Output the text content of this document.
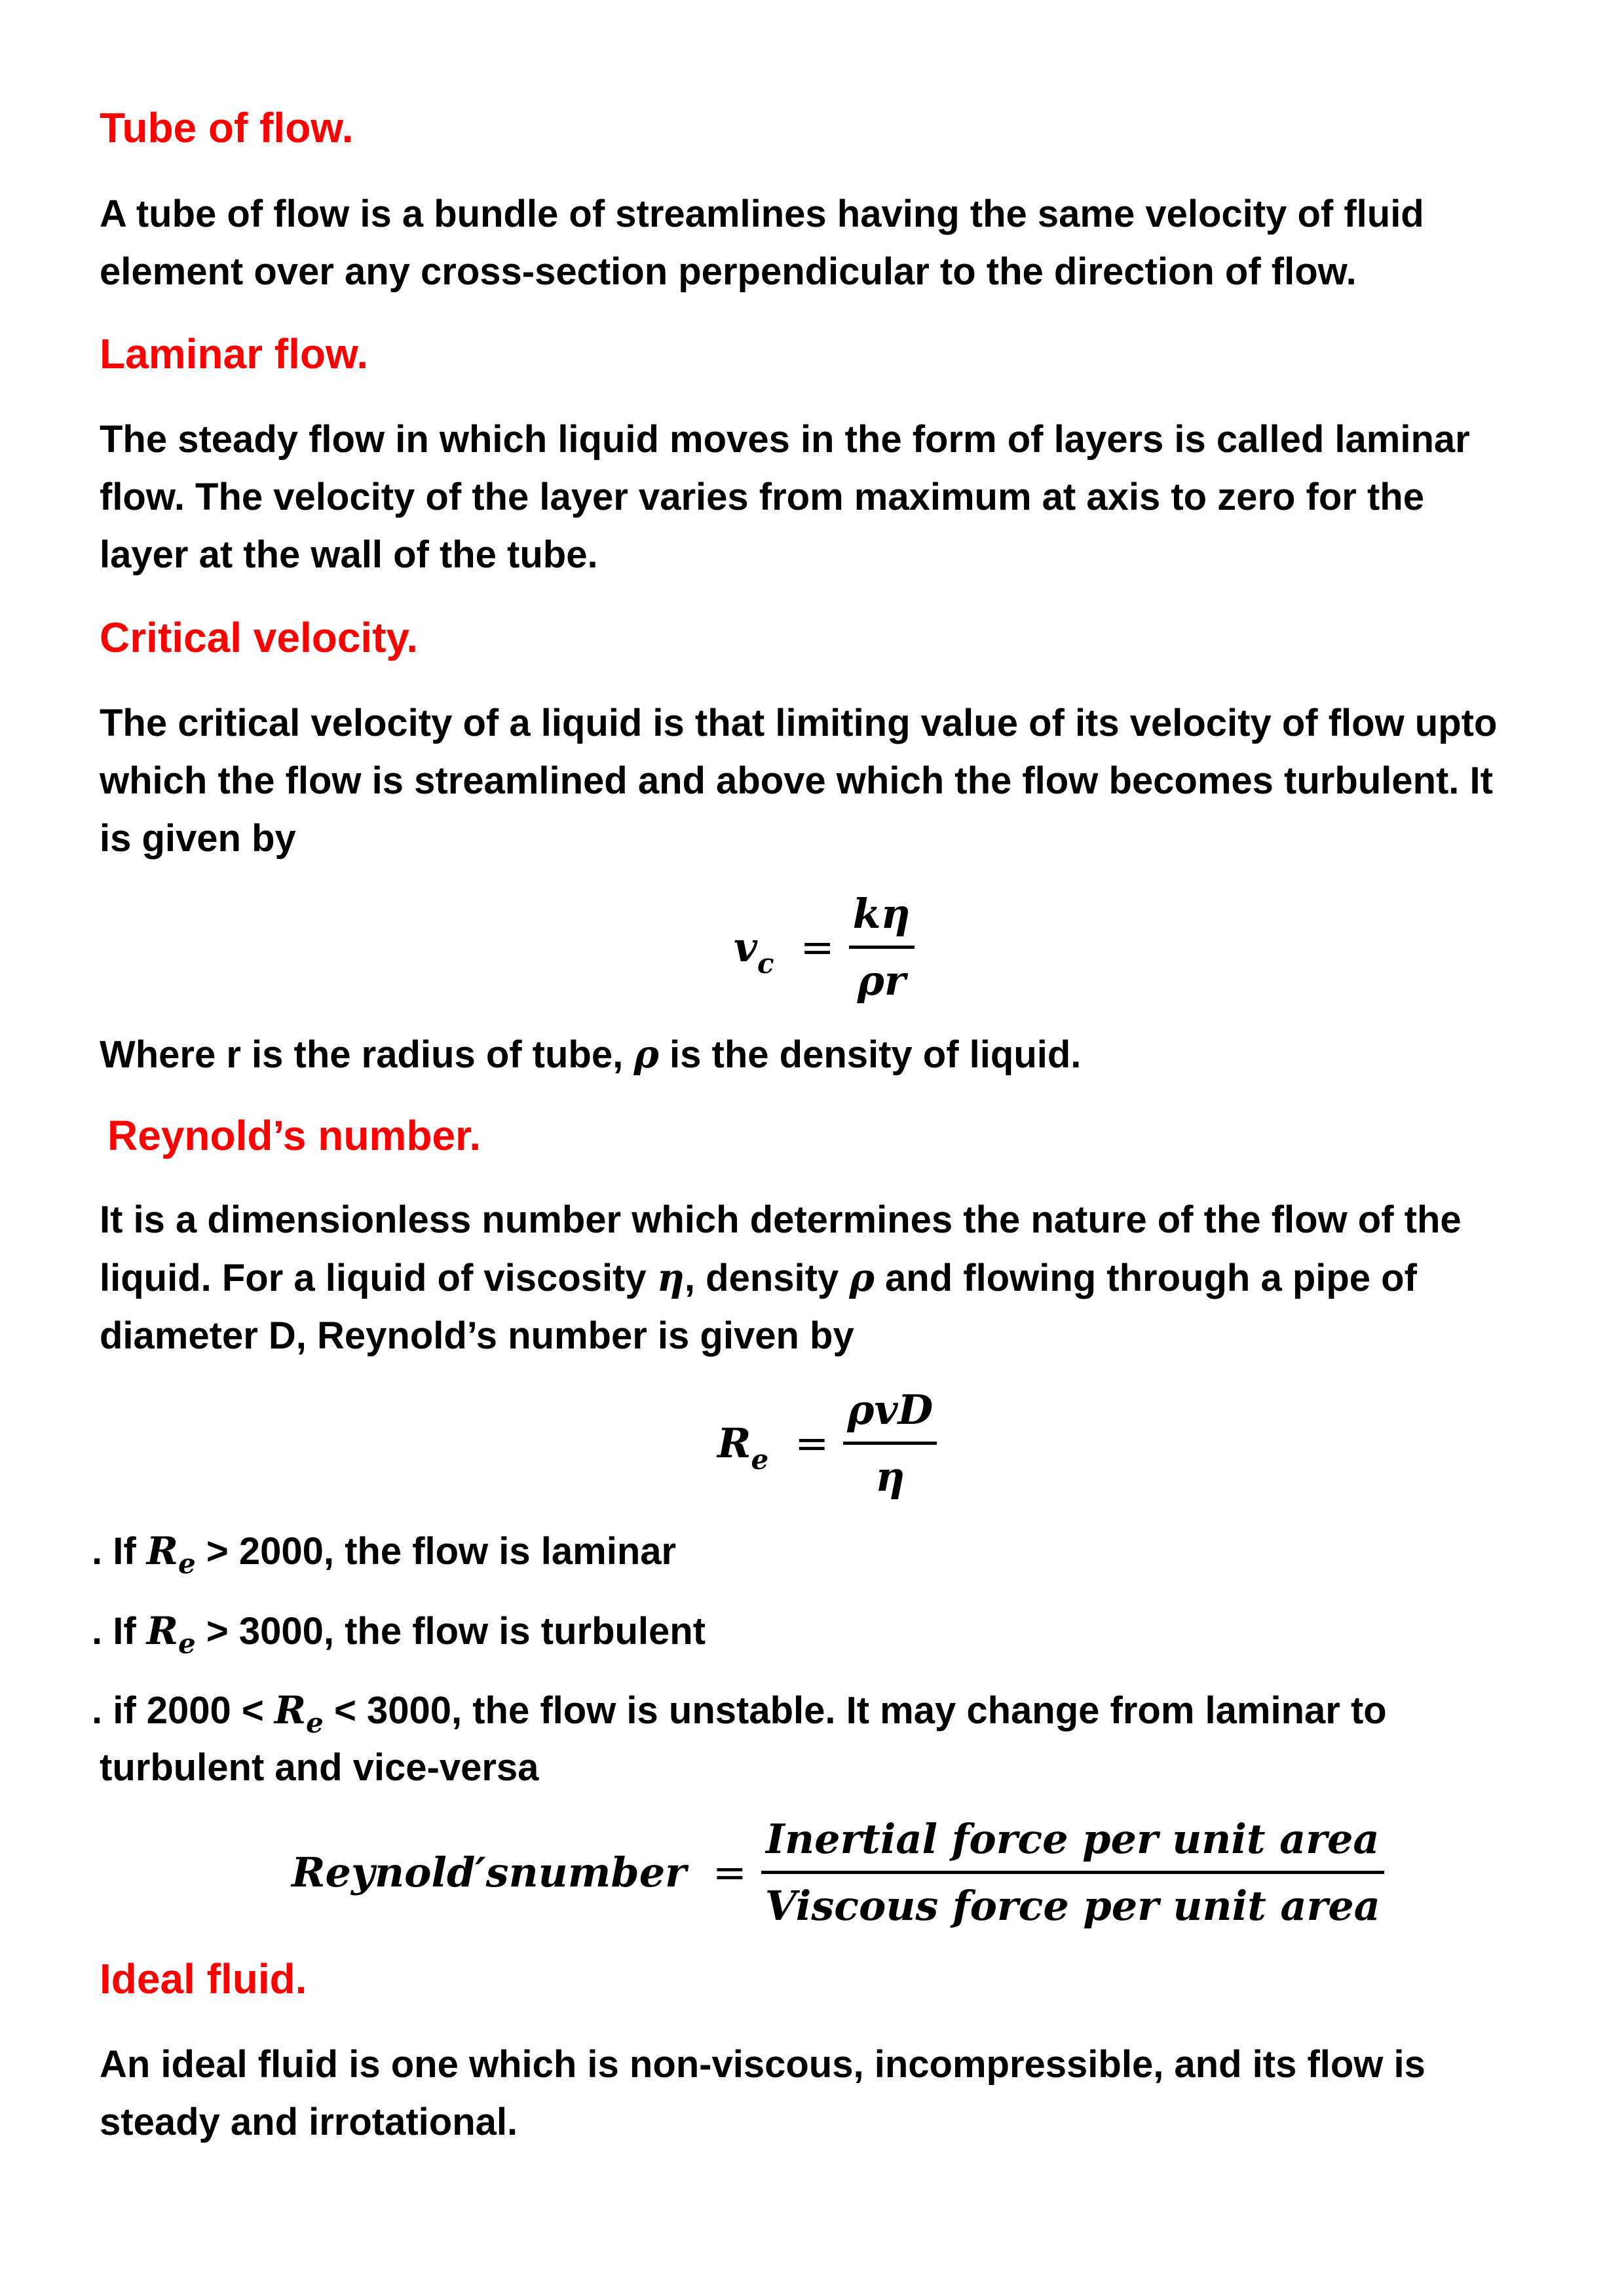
Tube of flow.
A tube of flow is a bundle of streamlines having the same velocity of fluid
element over any cross-section perpendicular to the direction of flow.
Laminar flow.
The steady flow in which liquid moves in the form of layers is called laminar
flow. The velocity of the layer varies from maximum at axis to zero for the
layer at the wall of the tube.
Critical velocity.
The critical velocity of a liquid is that limiting value of its velocity of flow upto
which the flow is streamlined and above which the flow becomes turbulent. It
is given by
$v_c$ =
kη
ρr
Where r is the radius of tube, ρ is the density of liquid.
Reynold’s number.
It is a dimensionless number which determines the nature of the flow of the
liquid. For a liquid of viscosity η, density ρ and flowing through a pipe of
diameter D, Reynold’s number is given by
$R_e$ =
ρvD
η
. If $R_e > 2000$, the flow is laminar
. If $R_e > 3000$, the flow is turbulent
. if $2000 < R_e < 3000$, the flow is unstable. It may change from laminar to
turbulent and vice-versa
Reynold′snumber =
Inertial force per unit area
Viscous force per unit area
Ideal fluid.
An ideal fluid is one which is non-viscous, incompressible, and its flow is
steady and irrotational.
